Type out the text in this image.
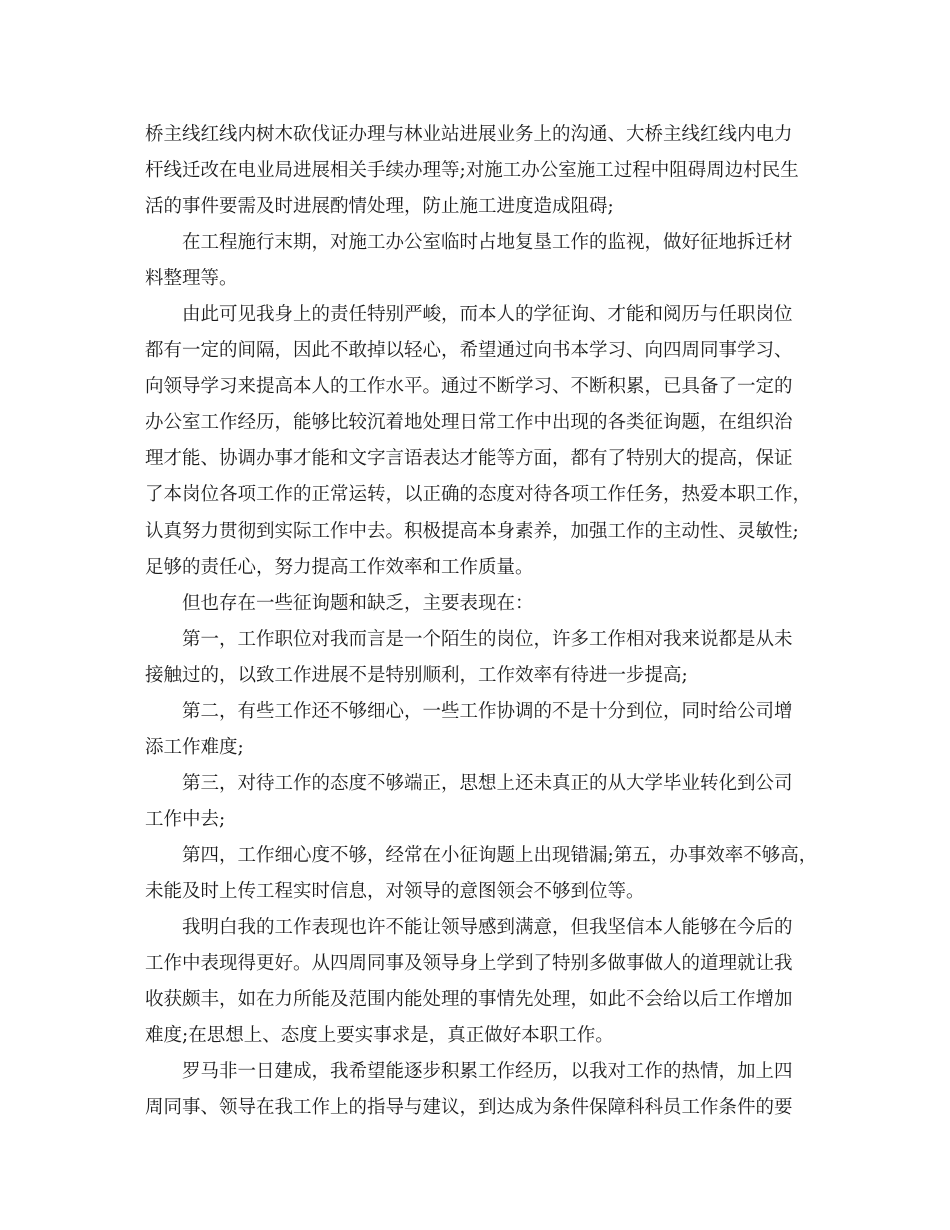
桥主线红线内树木砍伐证办理与林业站进展业务上的沟通、大桥主线红线内电力
杆线迁改在电业局进展相关手续办理等;对施工办公室施工过程中阻碍周边村民生
活的事件要需及时进展酌情处理，防止施工进度造成阻碍;
在工程施行末期，对施工办公室临时占地复垦工作的监视，做好征地拆迁材
料整理等。
由此可见我身上的责任特别严峻，而本人的学征询、才能和阅历与任职岗位
都有一定的间隔，因此不敢掉以轻心，希望通过向书本学习、向四周同事学习、
向领导学习来提高本人的工作水平。通过不断学习、不断积累，已具备了一定的
办公室工作经历，能够比较沉着地处理日常工作中出现的各类征询题，在组织治
理才能、协调办事才能和文字言语表达才能等方面，都有了特别大的提高，保证
了本岗位各项工作的正常运转，以正确的态度对待各项工作任务，热爱本职工作，
认真努力贯彻到实际工作中去。积极提高本身素养，加强工作的主动性、灵敏性;
足够的责任心，努力提高工作效率和工作质量。
但也存在一些征询题和缺乏，主要表现在：
第一，工作职位对我而言是一个陌生的岗位，许多工作相对我来说都是从未
接触过的，以致工作进展不是特别顺利，工作效率有待进一步提高;
第二，有些工作还不够细心，一些工作协调的不是十分到位，同时给公司增
添工作难度;
第三，对待工作的态度不够端正，思想上还未真正的从大学毕业转化到公司
工作中去;
第四，工作细心度不够，经常在小征询题上出现错漏;第五，办事效率不够高，
未能及时上传工程实时信息，对领导的意图领会不够到位等。
我明白我的工作表现也许不能让领导感到满意，但我坚信本人能够在今后的
工作中表现得更好。从四周同事及领导身上学到了特别多做事做人的道理就让我
收获颇丰，如在力所能及范围内能处理的事情先处理，如此不会给以后工作增加
难度;在思想上、态度上要实事求是，真正做好本职工作。
罗马非一日建成，我希望能逐步积累工作经历，以我对工作的热情，加上四
周同事、领导在我工作上的指导与建议，到达成为条件保障科科员工作条件的要
